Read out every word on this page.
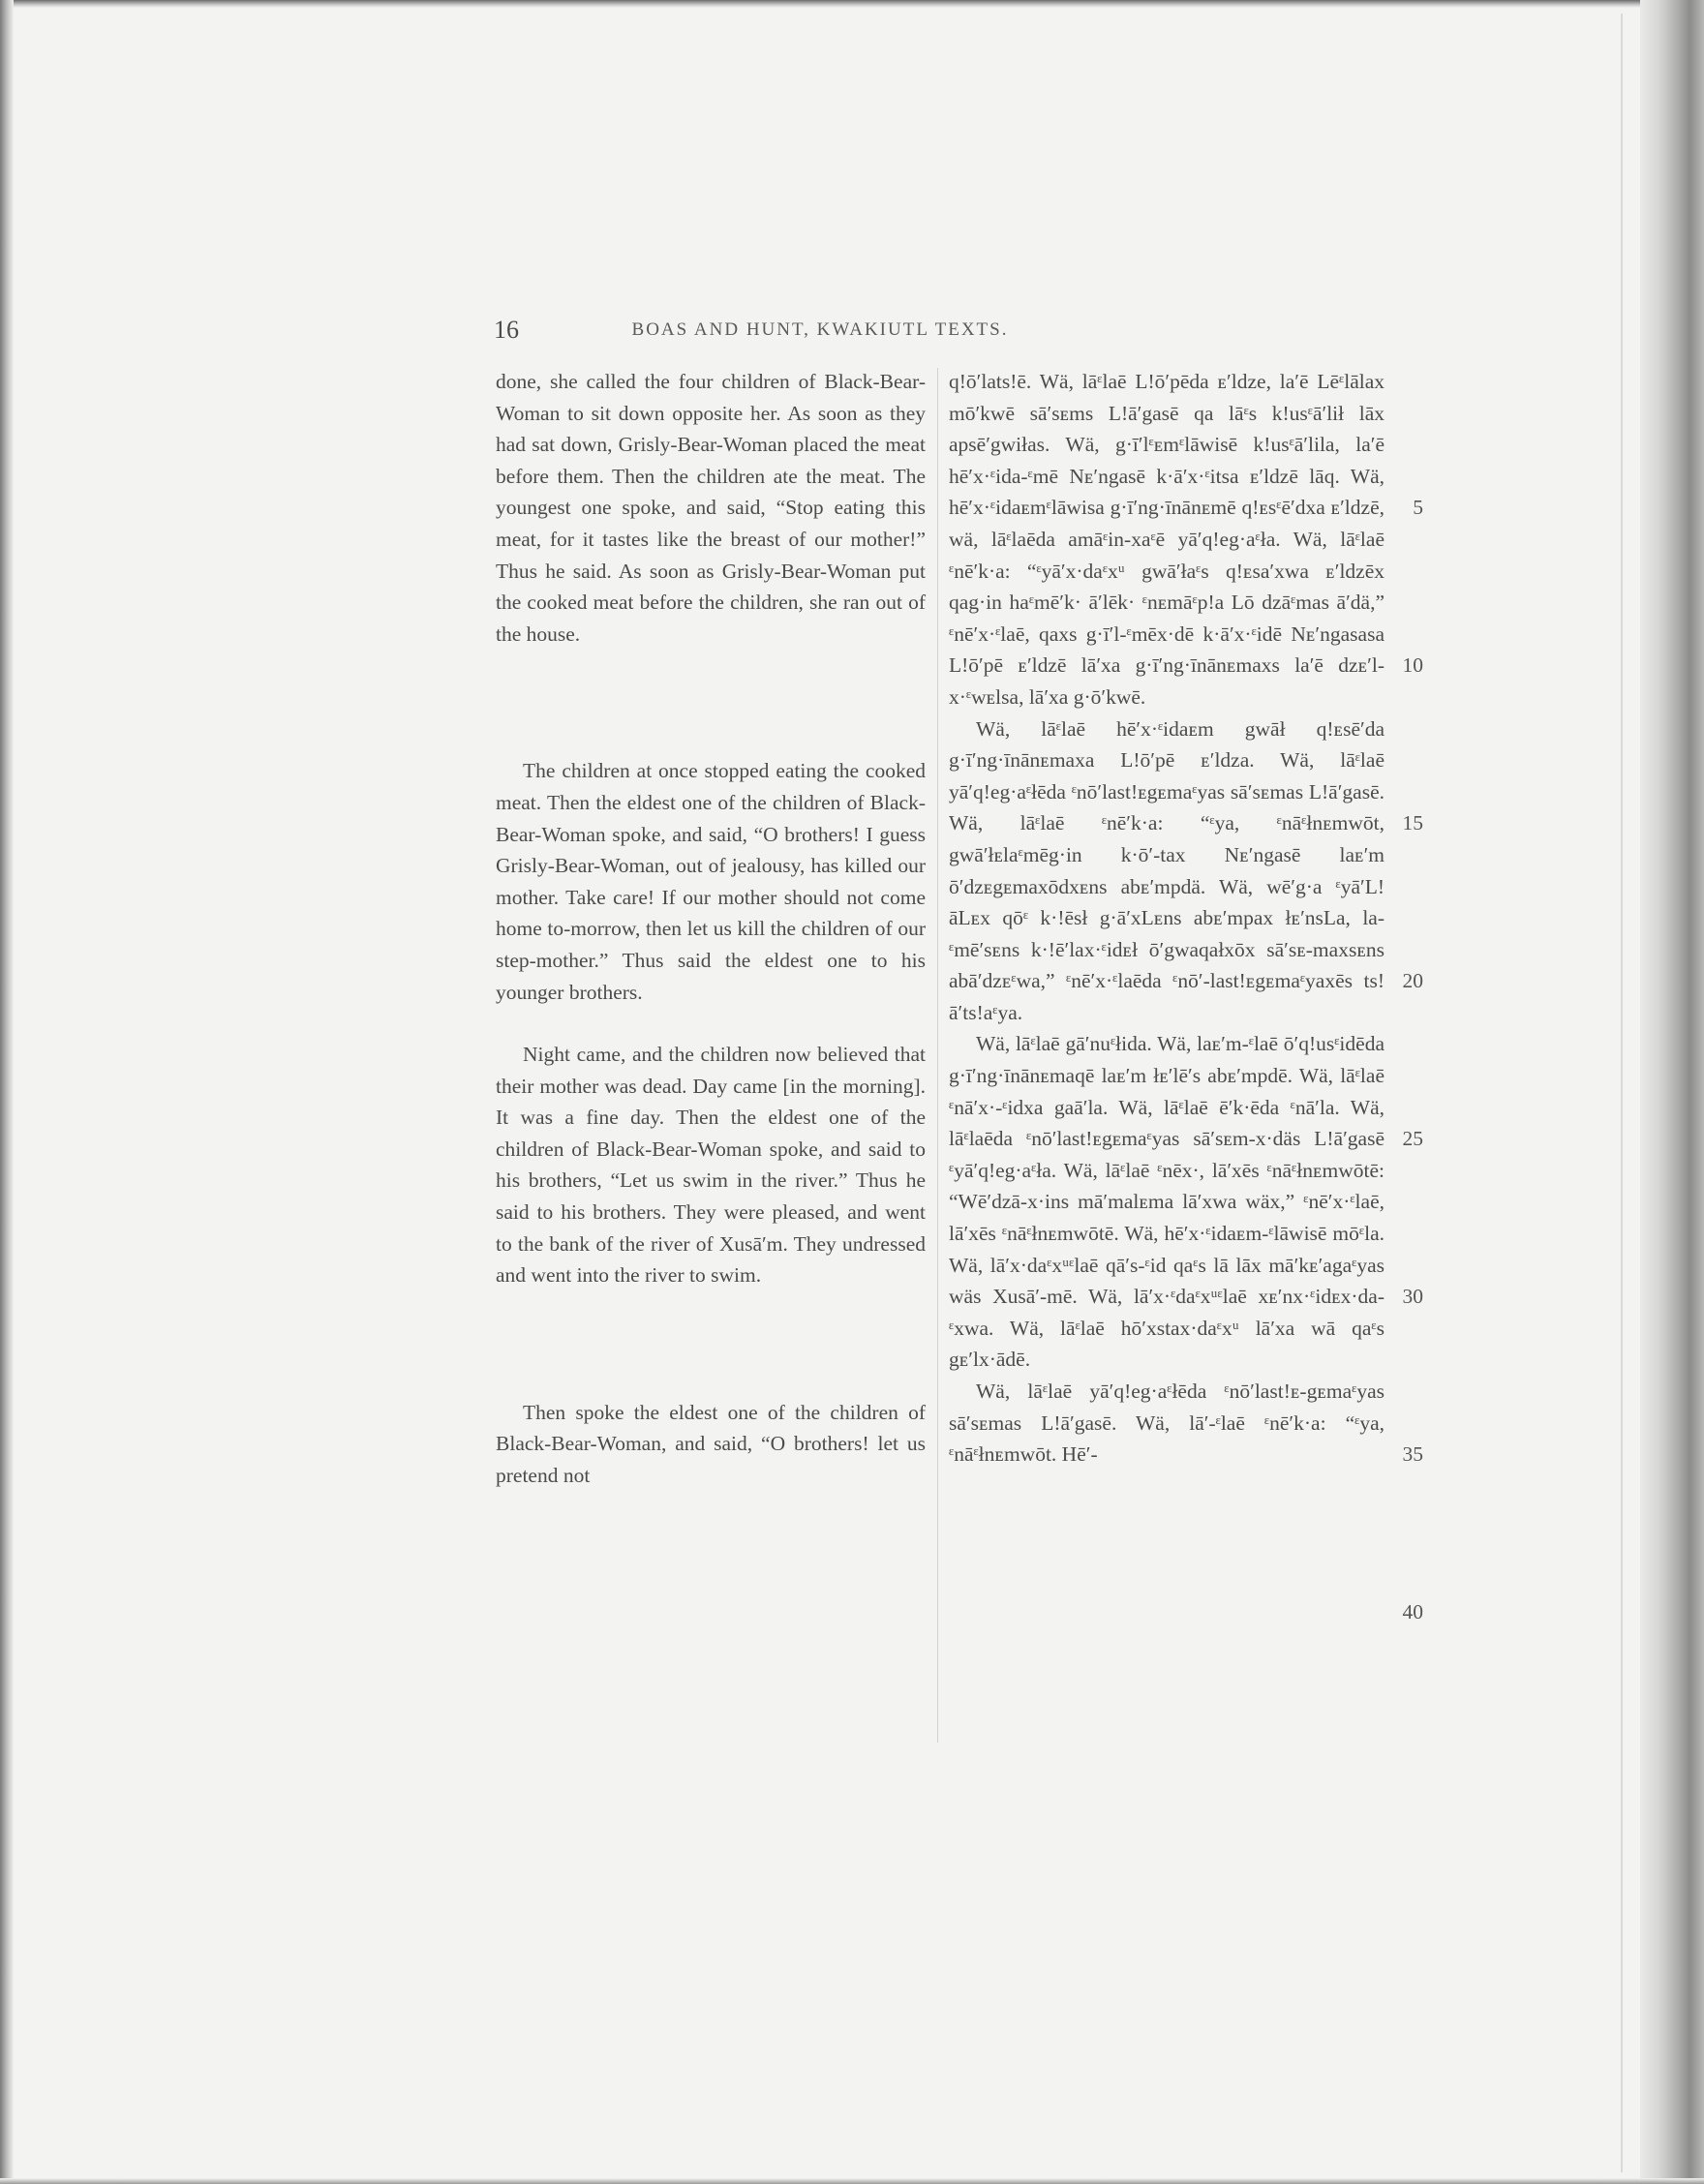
16	BOAS AND HUNT, KWAKIUTL TEXTS.

done, she called the four children of Black-Bear-Woman to sit down opposite her. As soon as they had sat down, Grisly-Bear-Woman placed the meat before them. Then the children ate the meat. The youngest one spoke, and said, “Stop eating this meat, for it tastes like the breast of our mother!” Thus he said. As soon as Grisly-Bear-Woman put the cooked meat before the children, she ran out of the house.

The children at once stopped eating the cooked meat. Then the eldest one of the children of Black-Bear-Woman spoke, and said, “O brothers! I guess Grisly-Bear-Woman, out of jealousy, has killed our mother. Take care! If our mother should not come home to-morrow, then let us kill the children of our step-mother.” Thus said the eldest one to his younger brothers.

Night came, and the children now believed that their mother was dead. Day came [in the morning]. It was a fine day. Then the eldest one of the children of Black-Bear-Woman spoke, and said to his brothers, “Let us swim in the river.” Thus he said to his brothers. They were pleased, and went to the bank of the river of Xusā′m. They undressed and went into the river to swim.

Then spoke the eldest one of the children of Black-Bear-Woman, and said, “O brothers! let us pretend not

q!ō′lats!ē. Wä, lāᵋlaē L!ō′pēda ᴇ′ldze, la′ē Lēᵋlālax mō′kwē sā′sᴇms L!ā′gasē qa lāᵋs k!usᵋā′lił lāx apsē′gwiłas. Wä, g·ī′lᵋᴇmᵋlāwisē k!usᵋā′lila, la′ē hē′x·ᵋida-ᵋmē Nᴇ′ngasē k·ā′x·ᵋitsa ᴇ′ldzē lāq. Wä, hē′x·ᵋidaᴇmᵋlāwisa g·ī′ng·īnānᴇmē q!ᴇsᵋē′dxa ᴇ′ldzē, wä, lāᵋlaēda amāᵋin-xaᵋē yā′q!eg·aᵋła. Wä, lāᵋlaē ᵋnē′k·a: “ᵋyā′x·daᵋxᵘ gwā′łaᵋs q!ᴇsa′xwa ᴇ′ldzēx qag·in haᵋmē′k· ā′lēk· ᵋnᴇmāᵋp!a Lō dzāᵋmas ā′dä,” ᵋnē′x·ᵋlaē, qaxs g·ī′l-ᵋmēx·dē k·ā′x·ᵋidē Nᴇ′ngasasa L!ō′pē ᴇ′ldzē lā′xa g·ī′ng·īnānᴇmaxs la′ē dzᴇ′l-x·ᵋwᴇlsa, lā′xa g·ō′kwē.

Wä, lāᵋlaē hē′x·ᵋidaᴇm gwāł q!ᴇsē′da g·ī′ng·īnānᴇmaxa L!ō′pē ᴇ′ldza. Wä, lāᵋlaē yā′q!eg·aᵋłēda ᵋnō′last!ᴇgᴇmaᵋyas sā′sᴇmas L!ā′gasē. Wä, lāᵋlaē ᵋnē′k·a: “ᵋya, ᵋnāᵋłnᴇmwōt, gwā′łᴇlaᵋmēg·in k·ō′-tax Nᴇ′ngasē laᴇ′m ō′dzᴇgᴇmaxōdxᴇns abᴇ′mpdä. Wä, wē′g·a ᵋyā′L!āLᴇx qōᵋ k·!ēsł g·ā′xLᴇns abᴇ′mpax łᴇ′nsLa, la-ᵋmē′sᴇns k·!ē′lax·ᵋidᴇł ō′gwaqałxōx sā′sᴇ-maxsᴇns abā′dzᴇᵋwa,” ᵋnē′x·ᵋlaēda ᵋnō′-last!ᴇgᴇmaᵋyaxēs ts!ā′ts!aᵋya.

Wä, lāᵋlaē gā′nuᵋłida. Wä, laᴇ′m-ᵋlaē ō′q!usᵋidēda g·ī′ng·īnānᴇmaqē laᴇ′m łᴇ′lē′s abᴇ′mpdē. Wä, lāᵋlaē ᵋnā′x·-ᵋidxa gaā′la. Wä, lāᵋlaē ē′k·ēda ᵋnā′la. Wä, lāᵋlaēda ᵋnō′last!ᴇgᴇmaᵋyas sā′sᴇm-x·däs L!ā′gasē ᵋyā′q!eg·aᵋła. Wä, lāᵋlaē ᵋnēx·, lā′xēs ᵋnāᵋłnᴇmwōtē: “Wē′dzā-x·ins mā′malᴇma lā′xwa wäx,” ᵋnē′x·ᵋlaē, lā′xēs ᵋnāᵋłnᴇmwōtē. Wä, hē′x·ᵋidaᴇm-ᵋlāwisē mōᵋla. Wä, lā′x·daᵋxᵘᵋlaē qā′s-ᵋid qaᵋs lā lāx mā′kᴇ′agaᵋyas wäs Xusā′-mē. Wä, lā′x·ᵋdaᵋxᵘᵋlaē xᴇ′nx·ᵋidᴇx·da-ᵋxwa. Wä, lāᵋlaē hō′xstax·daᵋxᵘ lā′xa wā qaᵋs gᴇ′lx·ādē.

Wä, lāᵋlaē yā′q!eg·aᵋłēda ᵋnō′last!ᴇ-gᴇmaᵋyas sā′sᴇmas L!ā′gasē. Wä, lā′-ᵋlaē ᵋnē′k·a: “ᵋya, ᵋnāᵋłnᴇmwōt. Hē′-

5
10
15
20
25
30
35
40
